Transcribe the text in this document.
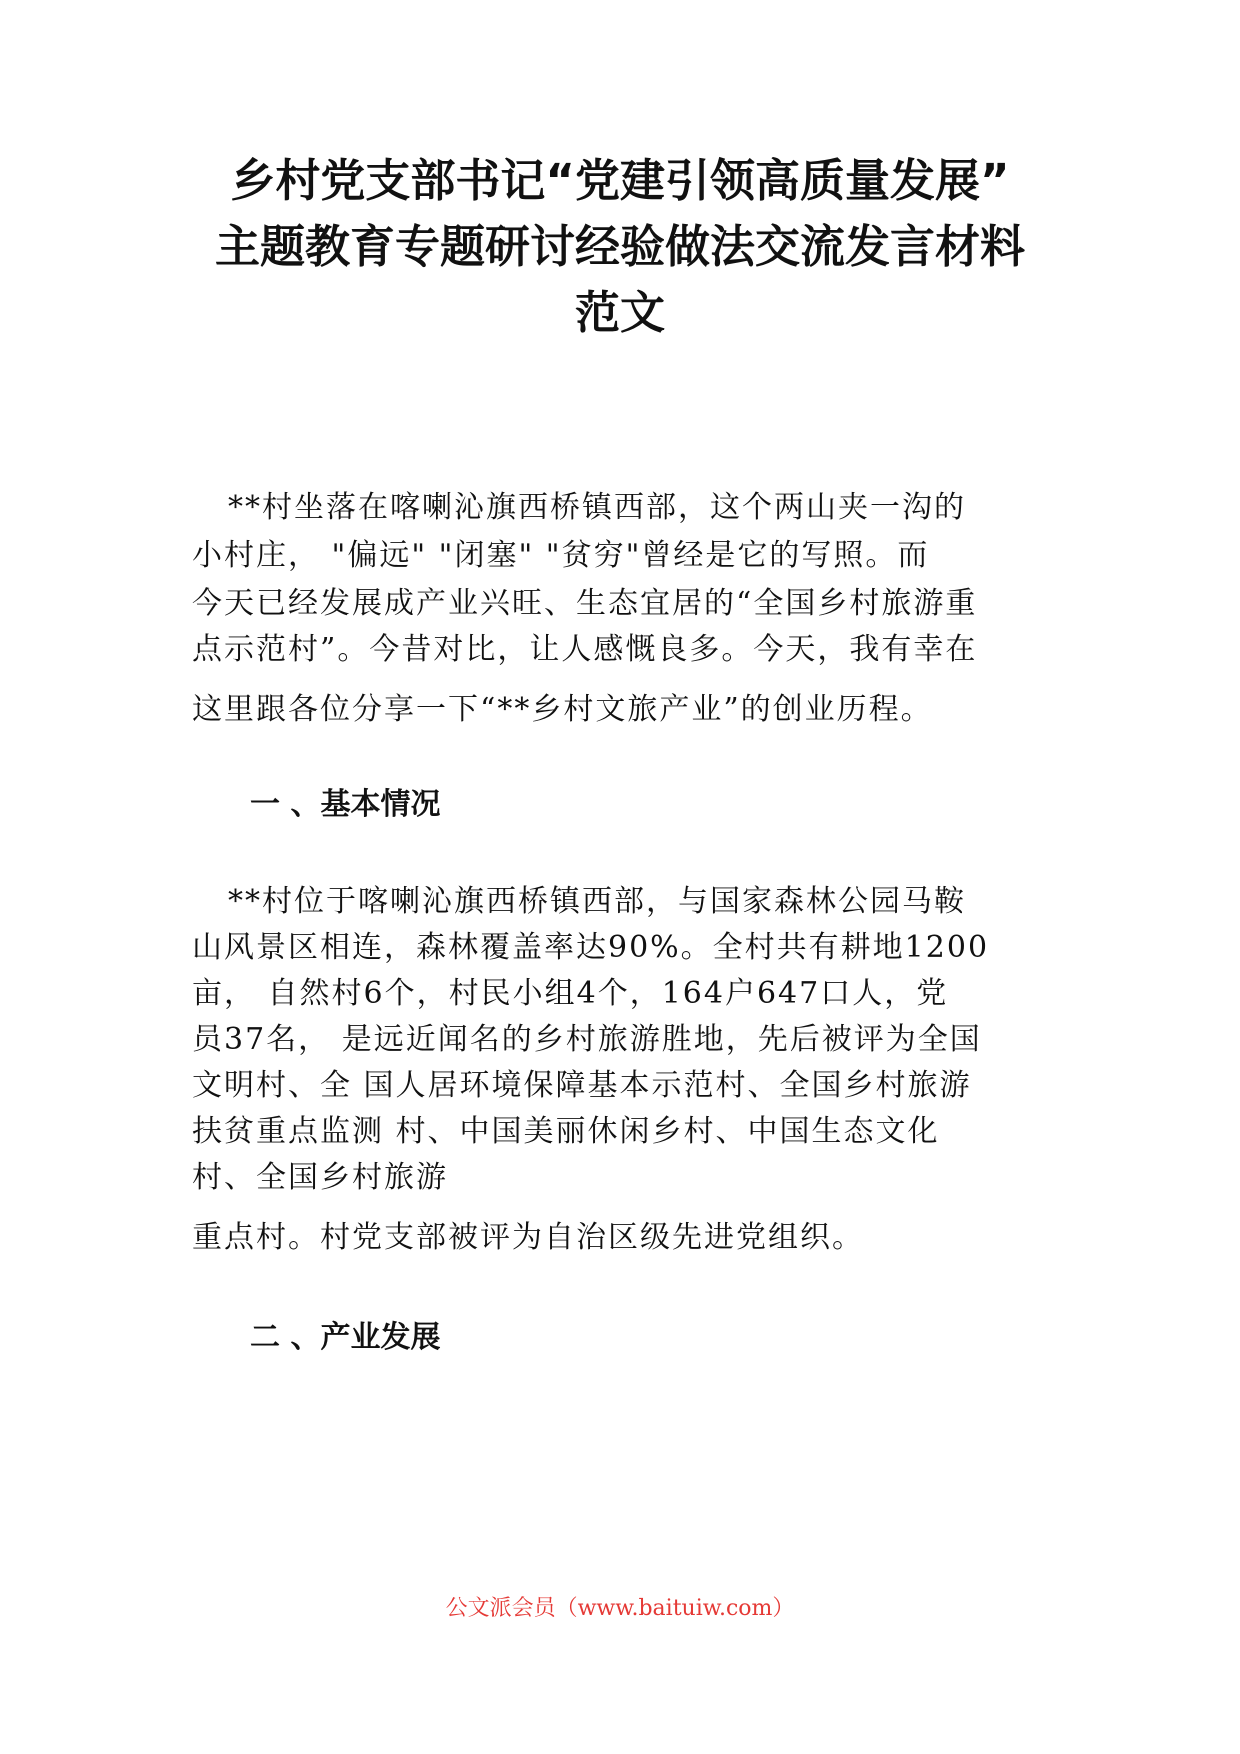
乡村党支部书记“党建引领高质量发展”
主题教育专题研讨经验做法交流发言材料
范文
**村坐落在喀喇沁旗西桥镇西部，这个两山夹一沟的
小村庄， "偏远" "闭塞" "贫穷"曾经是它的写照。而
今天已经发展成产业兴旺、生态宜居的“全国乡村旅游重
点示范村”。今昔对比，让人感慨良多。今天，我有幸在
这里跟各位分享一下“**乡村文旅产业”的创业历程。
一 、基本情况
**村位于喀喇沁旗西桥镇西部，与国家森林公园马鞍
山风景区相连，森林覆盖率达90%。全村共有耕地1200
亩， 自然村6个，村民小组4个，164户647口人，党
员37名， 是远近闻名的乡村旅游胜地，先后被评为全国
文明村、全 国人居环境保障基本示范村、全国乡村旅游
扶贫重点监测 村、中国美丽休闲乡村、中国生态文化
村、全国乡村旅游
重点村。村党支部被评为自治区级先进党组织。
二 、产业发展
公文派会员（www.baituiw.com）
